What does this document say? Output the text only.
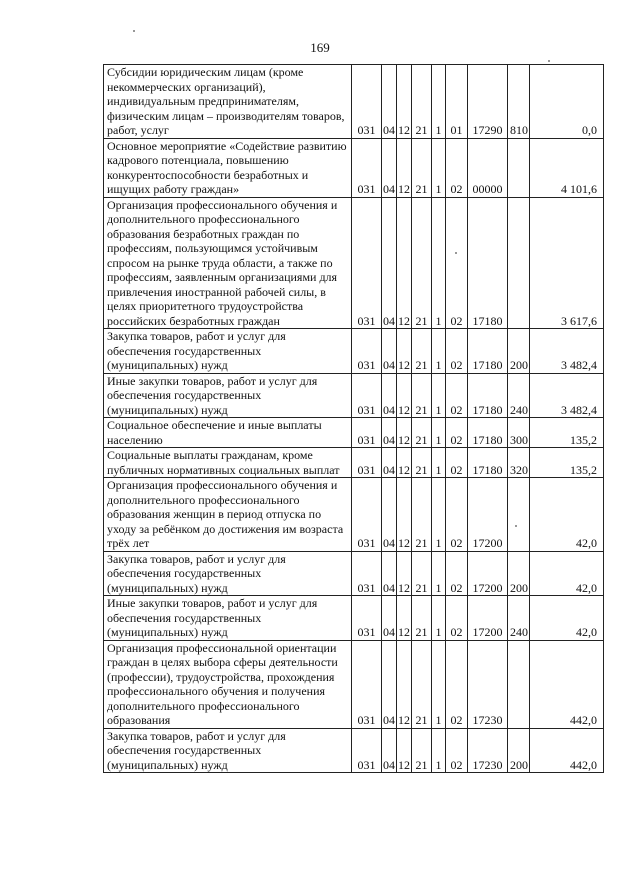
169
Субсидии юридическим лицам (кроме некоммерческих организаций), индивидуальным предпринимателям, физическим лицам – производителям товаров, работ, услуг	031	04	12	21	1	01	17290	810	0,0
Основное мероприятие «Содействие развитию кадрового потенциала, повышению конкурентоспособности безработных и ищущих работу граждан»	031	04	12	21	1	02	00000		4 101,6
Организация профессионального обучения и дополнительного профессионального образования безработных граждан по профессиям, пользующимся устойчивым спросом на рынке труда области, а также по профессиям, заявленным организациями для привлечения иностранной рабочей силы, в целях приоритетного трудоустройства российских безработных граждан	031	04	12	21	1	02	17180		3 617,6
Закупка товаров, работ и услуг для обеспечения государственных (муниципальных) нужд	031	04	12	21	1	02	17180	200	3 482,4
Иные закупки товаров, работ и услуг для обеспечения государственных (муниципальных) нужд	031	04	12	21	1	02	17180	240	3 482,4
Социальное обеспечение и иные выплаты населению	031	04	12	21	1	02	17180	300	135,2
Социальные выплаты гражданам, кроме публичных нормативных социальных выплат	031	04	12	21	1	02	17180	320	135,2
Организация профессионального обучения и дополнительного профессионального образования женщин в период отпуска по уходу за ребёнком до достижения им возраста трёх лет	031	04	12	21	1	02	17200		42,0
Закупка товаров, работ и услуг для обеспечения государственных (муниципальных) нужд	031	04	12	21	1	02	17200	200	42,0
Иные закупки товаров, работ и услуг для обеспечения государственных (муниципальных) нужд	031	04	12	21	1	02	17200	240	42,0
Организация профессиональной ориентации граждан в целях выбора сферы деятельности (профессии), трудоустройства, прохождения профессионального обучения и получения дополнительного профессионального образования	031	04	12	21	1	02	17230		442,0
Закупка товаров, работ и услуг для обеспечения государственных (муниципальных) нужд	031	04	12	21	1	02	17230	200	442,0
